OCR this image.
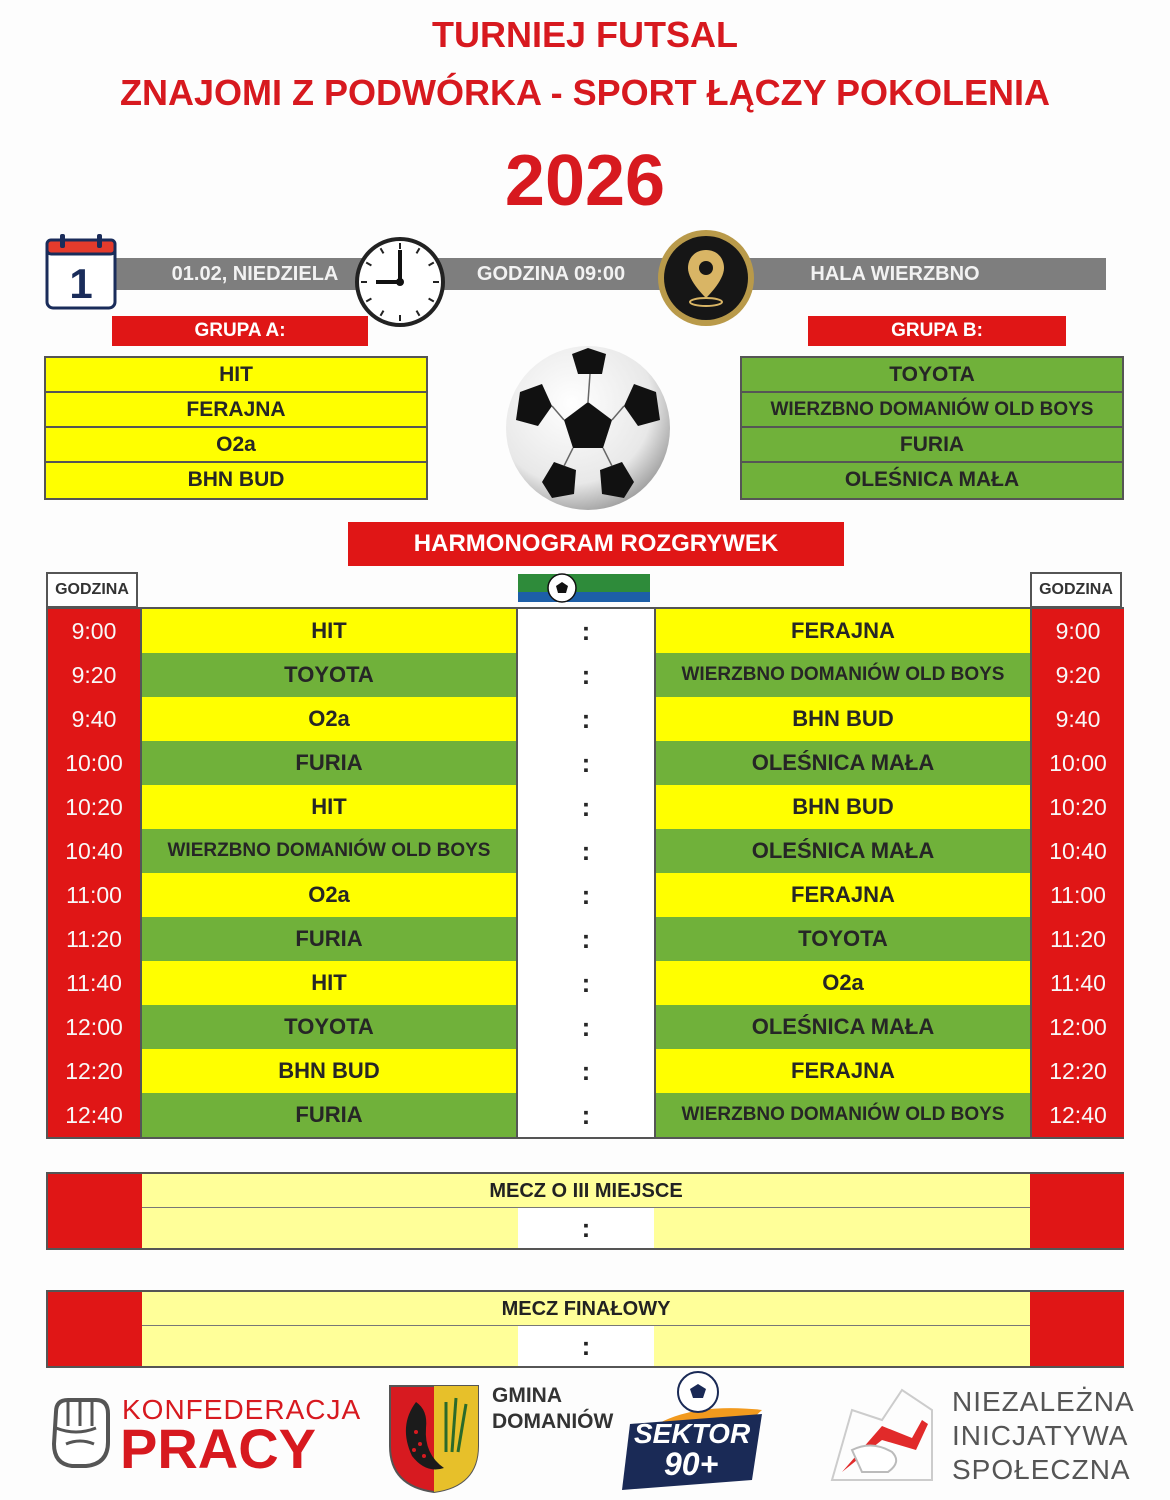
TURNIEJ FUTSAL
ZNAJOMI Z PODWÓRKA - SPORT ŁĄCZY POKOLENIA
2026
01.02, NIEDZIELA	GODZINA 09:00	HALA WIERZBNO
1
GRUPA A:	GRUPA B:
HIT
FERAJNA
O2a
BHN BUD
TOYOTA
WIERZBNO DOMANIÓW OLD BOYS
FURIA
OLEŚNICA MAŁA
HARMONOGRAM ROZGRYWEK
GODZINA	GODZINA
9:00	HIT	:	FERAJNA	9:00
9:20	TOYOTA	:	WIERZBNO DOMANIÓW OLD BOYS	9:20
9:40	O2a	:	BHN BUD	9:40
10:00	FURIA	:	OLEŚNICA MAŁA	10:00
10:20	HIT	:	BHN BUD	10:20
10:40	WIERZBNO DOMANIÓW OLD BOYS	:	OLEŚNICA MAŁA	10:40
11:00	O2a	:	FERAJNA	11:00
11:20	FURIA	:	TOYOTA	11:20
11:40	HIT	:	O2a	11:40
12:00	TOYOTA	:	OLEŚNICA MAŁA	12:00
12:20	BHN BUD	:	FERAJNA	12:20
12:40	FURIA	:	WIERZBNO DOMANIÓW OLD BOYS	12:40
MECZ O III MIEJSCE
:
MECZ FINAŁOWY
:
KONFEDERACJA
PRACY
GMINA
DOMANIÓW SEKTOR
90+
NIEZALEŻNA
INICJATYWA
SPOŁECZNA
